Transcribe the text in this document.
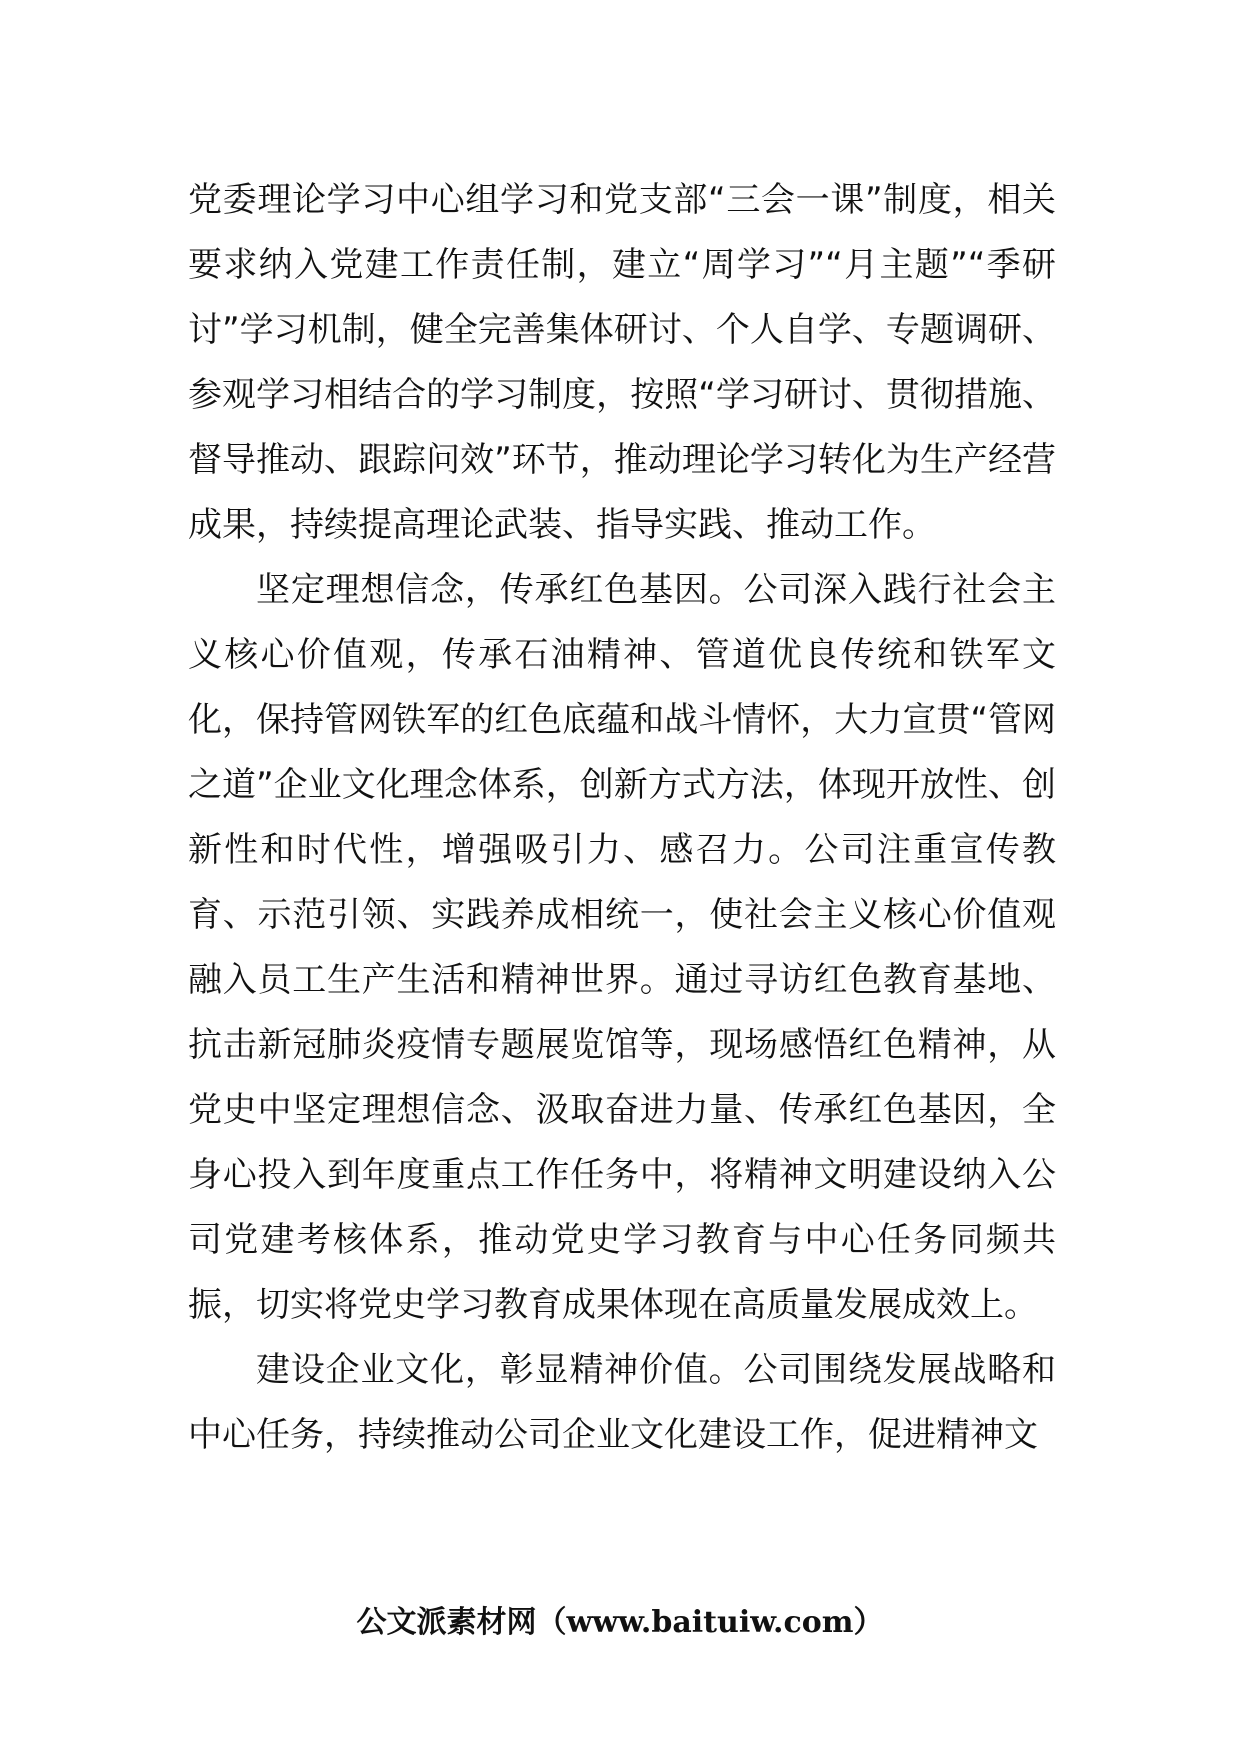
党委理论学习中心组学习和党支部“三会一课”制度，相关要求纳入党建工作责任制，建立“周学习”“月主题”“季研讨”学习机制，健全完善集体研讨、个人自学、专题调研、参观学习相结合的学习制度，按照“学习研讨、贯彻措施、督导推动、跟踪问效”环节，推动理论学习转化为生产经营成果，持续提高理论武装、指导实践、推动工作。

坚定理想信念，传承红色基因。公司深入践行社会主义核心价值观，传承石油精神、管道优良传统和铁军文化，保持管网铁军的红色底蕴和战斗情怀，大力宣贯“管网之道”企业文化理念体系，创新方式方法，体现开放性、创新性和时代性，增强吸引力、感召力。公司注重宣传教育、示范引领、实践养成相统一，使社会主义核心价值观融入员工生产生活和精神世界。通过寻访红色教育基地、抗击新冠肺炎疫情专题展览馆等，现场感悟红色精神，从党史中坚定理想信念、汲取奋进力量、传承红色基因，全身心投入到年度重点工作任务中，将精神文明建设纳入公司党建考核体系，推动党史学习教育与中心任务同频共振，切实将党史学习教育成果体现在高质量发展成效上。

建设企业文化，彰显精神价值。公司围绕发展战略和中心任务，持续推动公司企业文化建设工作，促进精神文

公文派素材网（www.baituiw.com）
